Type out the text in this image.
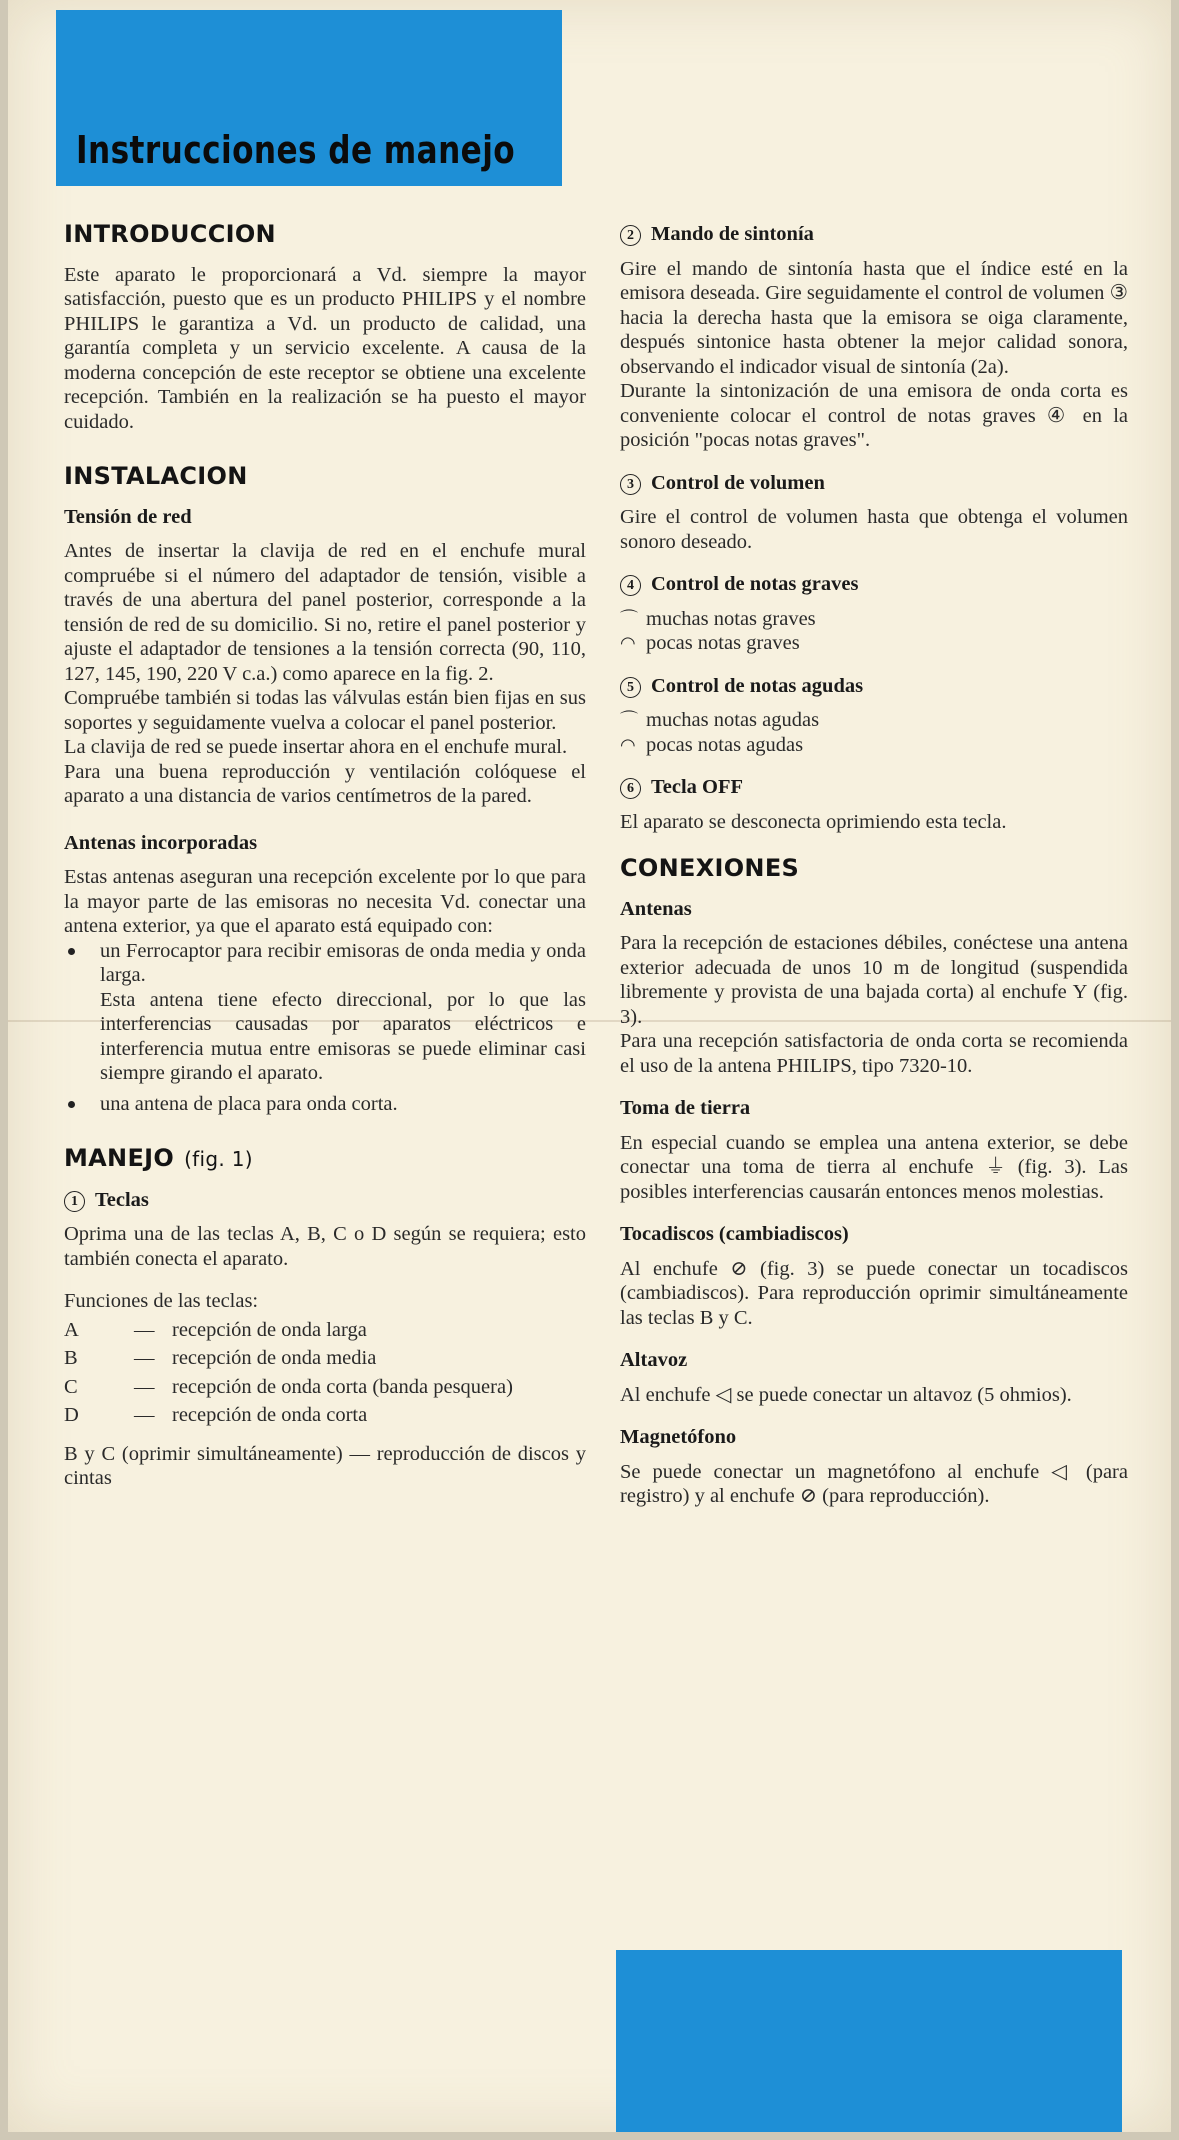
Instrucciones de manejo
INTRODUCCION

Este aparato le proporcionará a Vd. siempre la mayor satisfacción, puesto que es un producto PHILIPS y el nombre PHILIPS le garantiza a Vd. un producto de calidad, una garantía completa y un servicio excelente. A causa de la moderna concepción de este receptor se obtiene una excelente recepción. También en la realización se ha puesto el mayor cuidado.

INSTALACION
Tensión de red

Antes de insertar la clavija de red en el enchufe mural compruébe si el número del adaptador de tensión, visible a través de una abertura del panel posterior, corresponde a la tensión de red de su domicilio. Si no, retire el panel posterior y ajuste el adaptador de tensiones a la tensión correcta (90, 110, 127, 145, 190, 220 V c.a.) como aparece en la fig. 2.

Compruébe también si todas las válvulas están bien fijas en sus soportes y seguidamente vuelva a colocar el panel posterior.

La clavija de red se puede insertar ahora en el enchufe mural.

Para una buena reproducción y ventilación colóquese el aparato a una distancia de varios centímetros de la pared.

Antenas incorporadas

Estas antenas aseguran una recepción excelente por lo que para la mayor parte de las emisoras no necesita Vd. conectar una antena exterior, ya que el aparato está equipado con:

un Ferrocaptor para recibir emisoras de onda media y onda larga.

Esta antena tiene efecto direccional, por lo que las interferencias causadas por aparatos eléctricos e interferencia mutua entre emisoras se puede eliminar casi siempre girando el aparato.

una antena de placa para onda corta.

MANEJO (fig. 1)
1 Teclas

Oprima una de las teclas A, B, C o D según se requiera; esto también conecta el aparato.

Funciones de las teclas:

A	—	recepción de onda larga
B	—	recepción de onda media
C	—	recepción de onda corta (banda pesquera)
D	—	recepción de onda corta

B y C (oprimir simultáneamente) — reproducción de discos y cintas

2 Mando de sintonía

Gire el mando de sintonía hasta que el índice esté en la emisora deseada. Gire seguidamente el control de volumen ③ hacia la derecha hasta que la emisora se oiga claramente, después sintonice hasta obtener la mejor calidad sonora, observando el indicador visual de sintonía (2a).

Durante la sintonización de una emisora de onda corta es conveniente colocar el control de notas graves ④ en la posición "pocas notas graves".

3 Control de volumen

Gire el control de volumen hasta que obtenga el volumen sonoro deseado.

4 Control de notas graves

⌒ muchas notas graves

◠ pocas notas graves

5 Control de notas agudas

⌒ muchas notas agudas

◠ pocas notas agudas

6 Tecla OFF

El aparato se desconecta oprimiendo esta tecla.

CONEXIONES
Antenas

Para la recepción de estaciones débiles, conéctese una antena exterior adecuada de unos 10 m de longitud (suspendida libremente y provista de una bajada corta) al enchufe Y (fig. 3).

Para una recepción satisfactoria de onda corta se recomienda el uso de la antena PHILIPS, tipo 7320-10.

Toma de tierra

En especial cuando se emplea una antena exterior, se debe conectar una toma de tierra al enchufe ⏚ (fig. 3). Las posibles interferencias causarán entonces menos molestias.

Tocadiscos (cambiadiscos)

Al enchufe ⊘ (fig. 3) se puede conectar un tocadiscos (cambiadiscos). Para reproducción oprimir simultáneamente las teclas B y C.

Altavoz

Al enchufe ◁ se puede conectar un altavoz (5 ohmios).

Magnetófono

Se puede conectar un magnetófono al enchufe ◁ (para registro) y al enchufe ⊘ (para reproducción).
